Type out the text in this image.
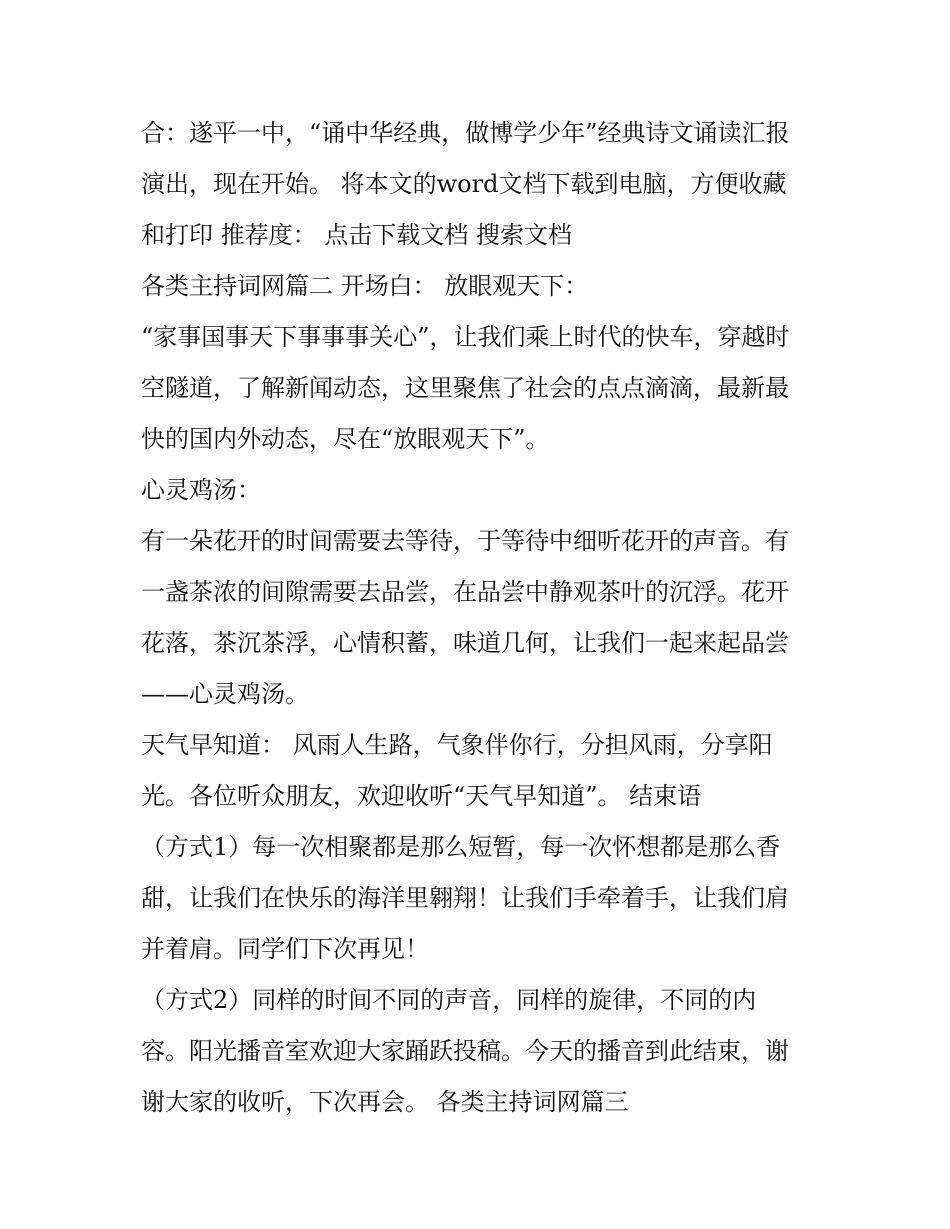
合：遂平一中，“诵中华经典，做博学少年”经典诗文诵读汇报
演出，现在开始。 将本文的word文档下载到电脑，方便收藏
和打印 推荐度： 点击下载文档 搜索文档
各类主持词网篇二 开场白： 放眼观天下：
“家事国事天下事事事关心”，让我们乘上时代的快车，穿越时
空隧道，了解新闻动态，这里聚焦了社会的点点滴滴，最新最
快的国内外动态，尽在“放眼观天下”。
心灵鸡汤：
有一朵花开的时间需要去等待，于等待中细听花开的声音。有
一盏茶浓的间隙需要去品尝，在品尝中静观茶叶的沉浮。花开
花落，茶沉茶浮，心情积蓄，味道几何，让我们一起来起品尝
——心灵鸡汤。
天气早知道： 风雨人生路，气象伴你行，分担风雨，分享阳
光。各位听众朋友，欢迎收听“天气早知道”。 结束语
（方式1）每一次相聚都是那么短暂，每一次怀想都是那么香
甜，让我们在快乐的海洋里翱翔！让我们手牵着手，让我们肩
并着肩。同学们下次再见！
（方式2）同样的时间不同的声音，同样的旋律，不同的内
容。阳光播音室欢迎大家踊跃投稿。今天的播音到此结束，谢
谢大家的收听，下次再会。 各类主持词网篇三
